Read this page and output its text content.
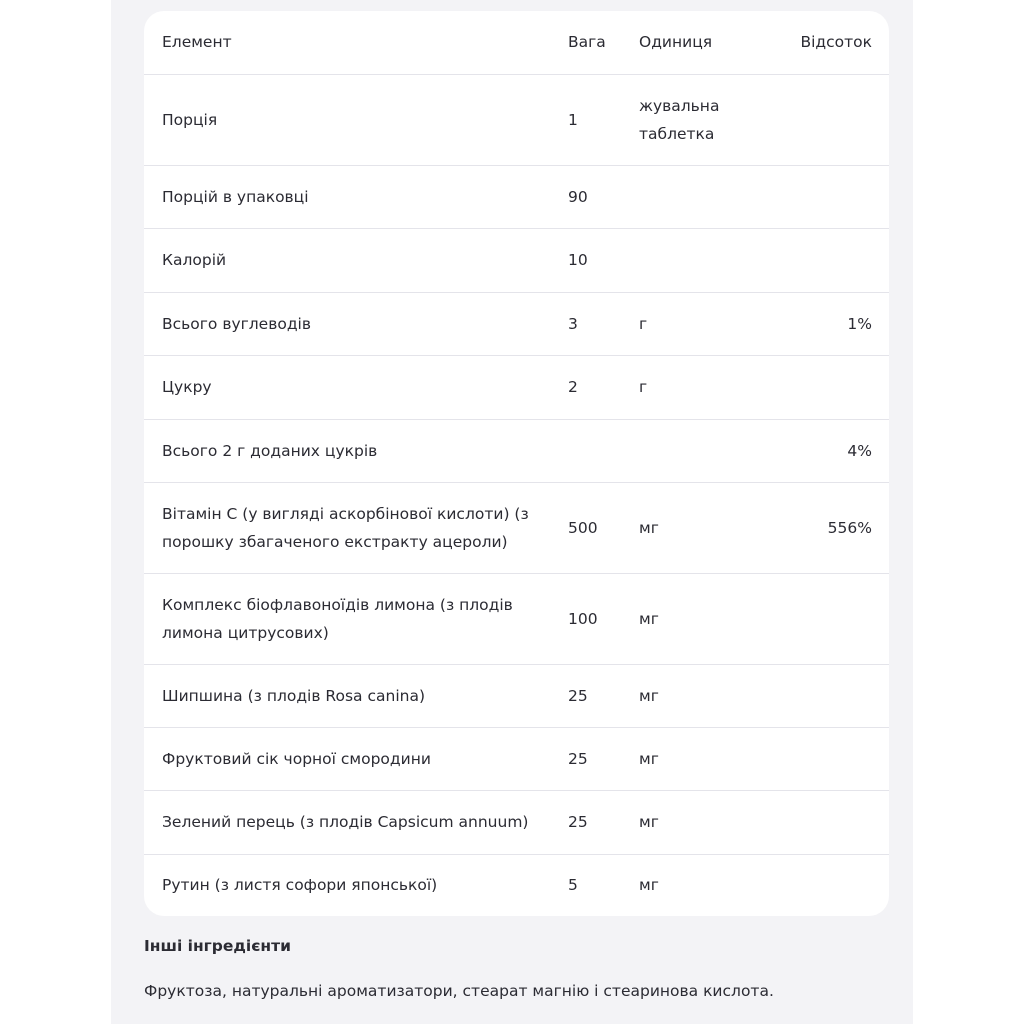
Елемент	Вага	Одиниця	Відсоток
Порція	1	жувальна таблетка	
Порцій в упаковці	90		
Калорій	10		
Всього вуглеводів	3	г	1%
Цукру	2	г	
Всього 2 г доданих цукрів			4%
Вітамін C (у вигляді аскорбінової кислоти) (з порошку збагаченого екстракту ацероли)	500	мг	556%
Комплекс біофлавоноїдів лимона (з плодів лимона цитрусових)	100	мг	
Шипшина (з плодів Rosa canina)	25	мг	
Фруктовий сік чорної смородини	25	мг	
Зелений перець (з плодів Capsicum annuum)	25	мг	
Рутин (з листя софори японської)	5	мг	
Інші інгредієнти
Фруктоза, натуральні ароматизатори, стеарат магнію і стеаринова кислота.
